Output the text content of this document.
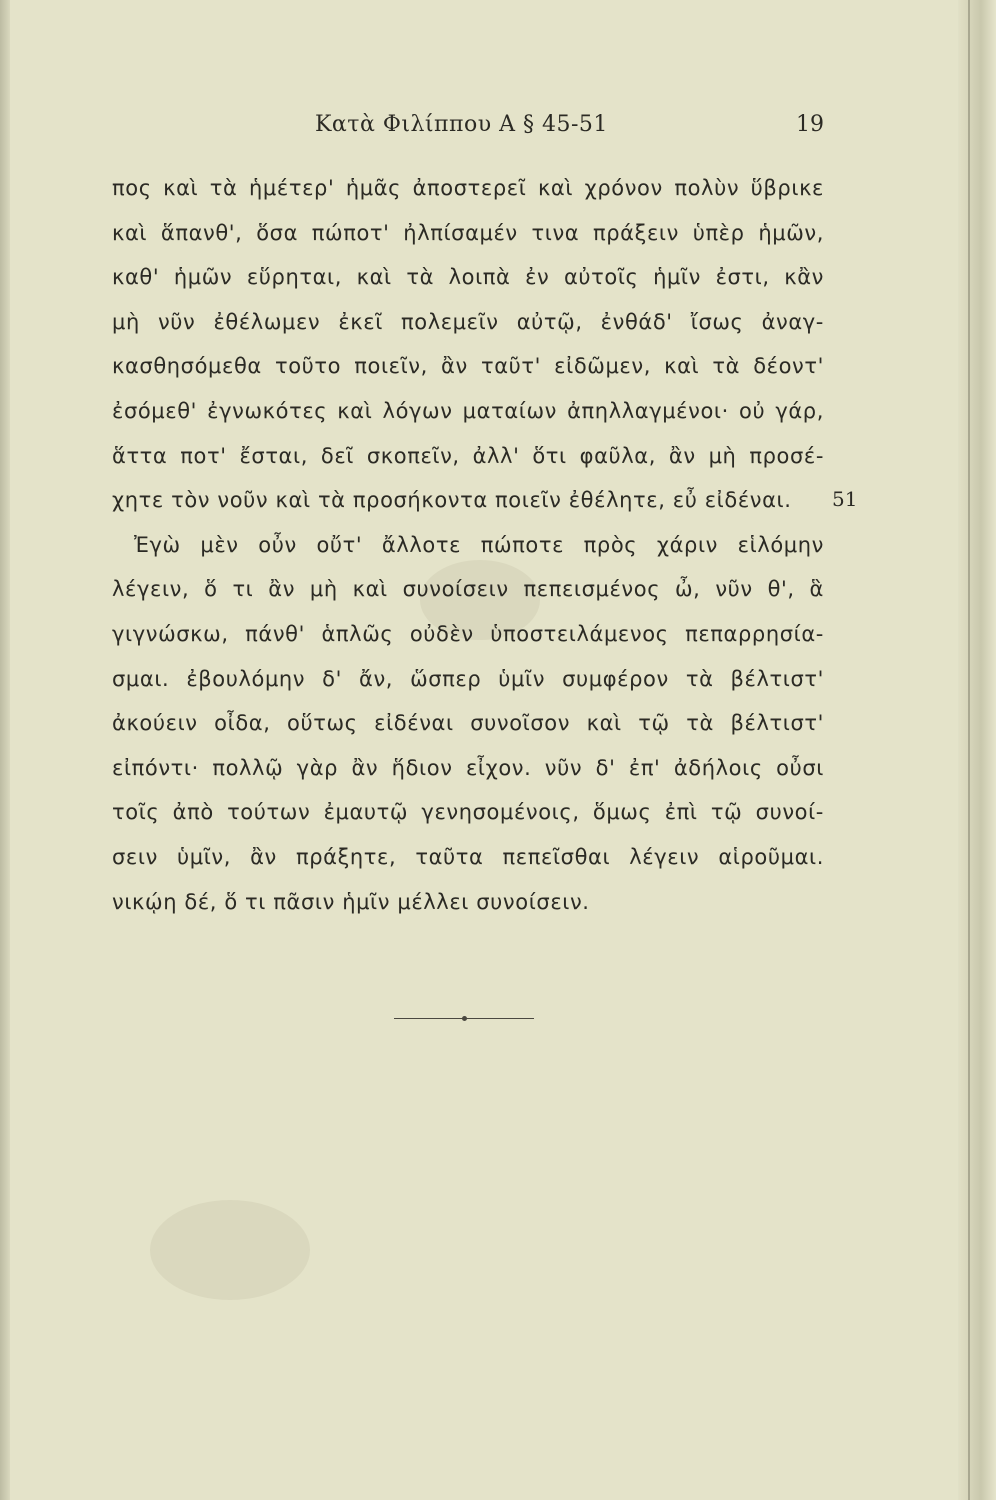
Κατὰ Φιλίππου Α § 45-51	19
πος καὶ τὰ ἡμέτερ' ἡμᾶς ἀποστερεῖ καὶ χρόνον πολὺν ὕβρικε
καὶ ἅπανθ', ὅσα πώποτ' ἠλπίσαμέν τινα πράξειν ὑπὲρ ἡμῶν,
καθ' ἡμῶν εὕρηται, καὶ τὰ λοιπὰ ἐν αὐτοῖς ἡμῖν ἐστι, κἂν
μὴ νῦν ἐθέλωμεν ἐκεῖ πολεμεῖν αὐτῷ, ἐνθάδ' ἴσως ἀναγ-
κασθησόμεθα τοῦτο ποιεῖν, ἂν ταῦτ' εἰδῶμεν, καὶ τὰ δέοντ'
ἐσόμεθ' ἐγνωκότες καὶ λόγων ματαίων ἀπηλλαγμένοι· οὐ γάρ,
ἅττα ποτ' ἔσται, δεῖ σκοπεῖν, ἀλλ' ὅτι φαῦλα, ἂν μὴ προσέ-
χητε τὸν νοῦν καὶ τὰ προσήκοντα ποιεῖν ἐθέλητε, εὖ εἰδέναι.
Ἐγὼ μὲν οὖν οὔτ' ἄλλοτε πώποτε πρὸς χάριν εἱλόμην
λέγειν, ὅ τι ἂν μὴ καὶ συνοίσειν πεπεισμένος ὦ, νῦν θ', ἃ
γιγνώσκω, πάνθ' ἁπλῶς οὐδὲν ὑποστειλάμενος πεπαρρησία-
σμαι. ἐβουλόμην δ' ἄν, ὥσπερ ὑμῖν συμφέρον τὰ βέλτιστ'
ἀκούειν οἶδα, οὕτως εἰδέναι συνοῖσον καὶ τῷ τὰ βέλτιστ'
εἰπόντι· πολλῷ γὰρ ἂν ἥδιον εἶχον. νῦν δ' ἐπ' ἀδήλοις οὖσι
τοῖς ἀπὸ τούτων ἐμαυτῷ γενησομένοις, ὅμως ἐπὶ τῷ συνοί-
σειν ὑμῖν, ἂν πράξητε, ταῦτα πεπεῖσθαι λέγειν αἱροῦμαι.
νικῴη δέ, ὅ τι πᾶσιν ἡμῖν μέλλει συνοίσειν.
51
